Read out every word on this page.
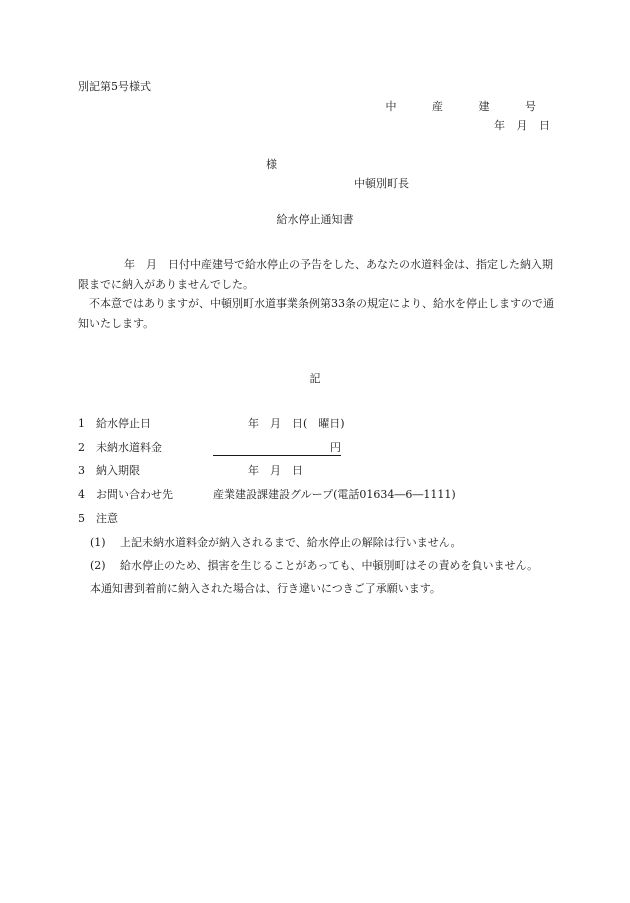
別記第5号様式
中 産 建 号
年 月 日
様
中頓別町長
給水停止通知書

年　月　日付中産建号で給水停止の予告をした、あなたの水道料金は、指定した納入期限までに納入がありませんでした。

不本意ではありますが、中頓別町水道事業条例第33条の規定により、給水を停止しますので通知いたします。

記
1 給水停止日	年　月　日(　曜日)
2 未納水道料金	円
3 納入期限	年　月　日
4 お問い合わせ先	産業建設課建設グループ(電話01634―6―1111)
5 注意
(1) 上記未納水道料金が納入されるまで、給水停止の解除は行いません。
(2) 給水停止のため、損害を生じることがあっても、中頓別町はその責めを負いません。
本通知書到着前に納入された場合は、行き違いにつきご了承願います。
